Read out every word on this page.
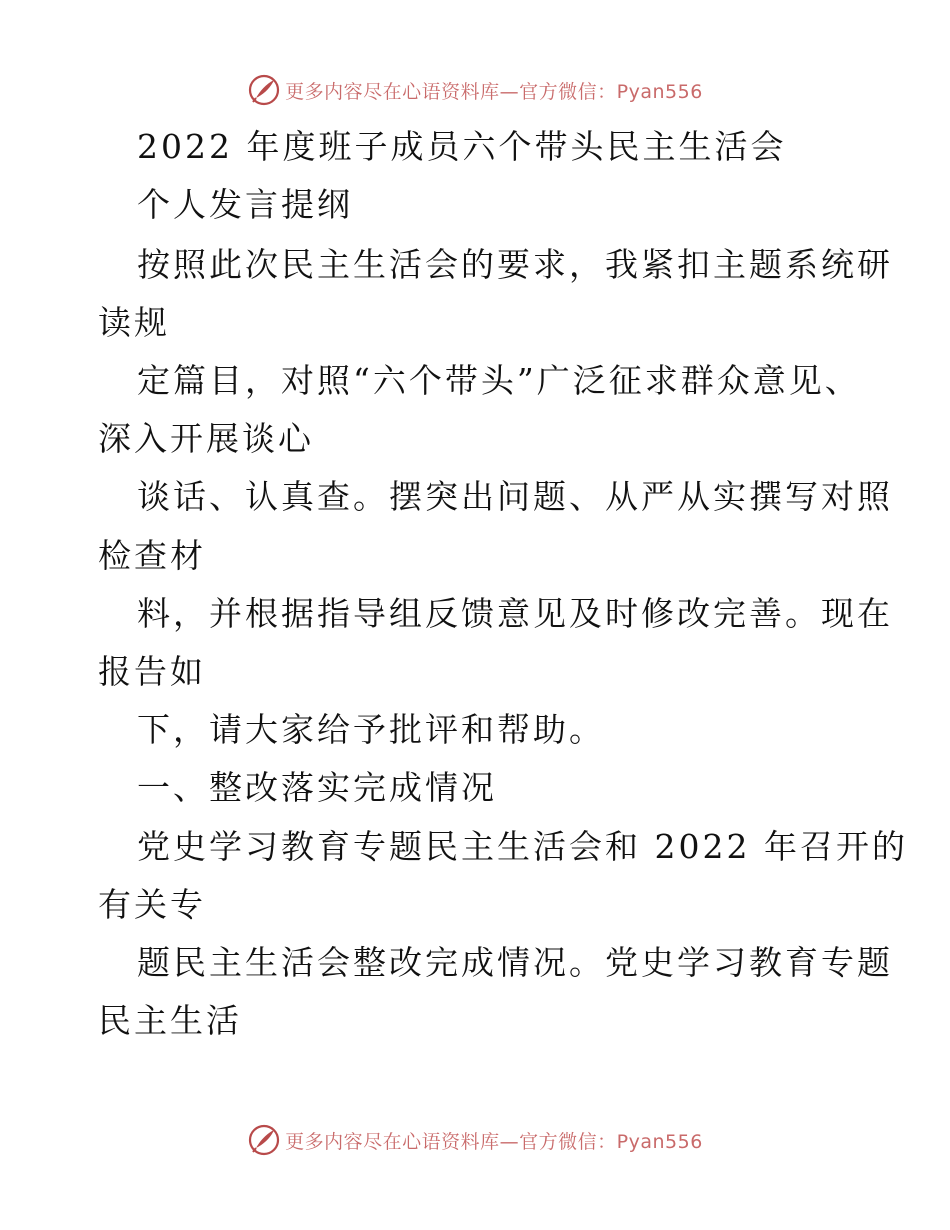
更多内容尽在心语资料库—官方微信：Pyan556
2022 年度班子成员六个带头民主生活会
个人发言提纲
按照此次民主生活会的要求，我紧扣主题系统研
读规
定篇目，对照“六个带头”广泛征求群众意见、
深入开展谈心
谈话、认真查。摆突出问题、从严从实撰写对照
检查材
料，并根据指导组反馈意见及时修改完善。现在
报告如
下，请大家给予批评和帮助。
一、整改落实完成情况
党史学习教育专题民主生活会和 2022 年召开的
有关专
题民主生活会整改完成情况。党史学习教育专题
民主生活
更多内容尽在心语资料库—官方微信：Pyan556
